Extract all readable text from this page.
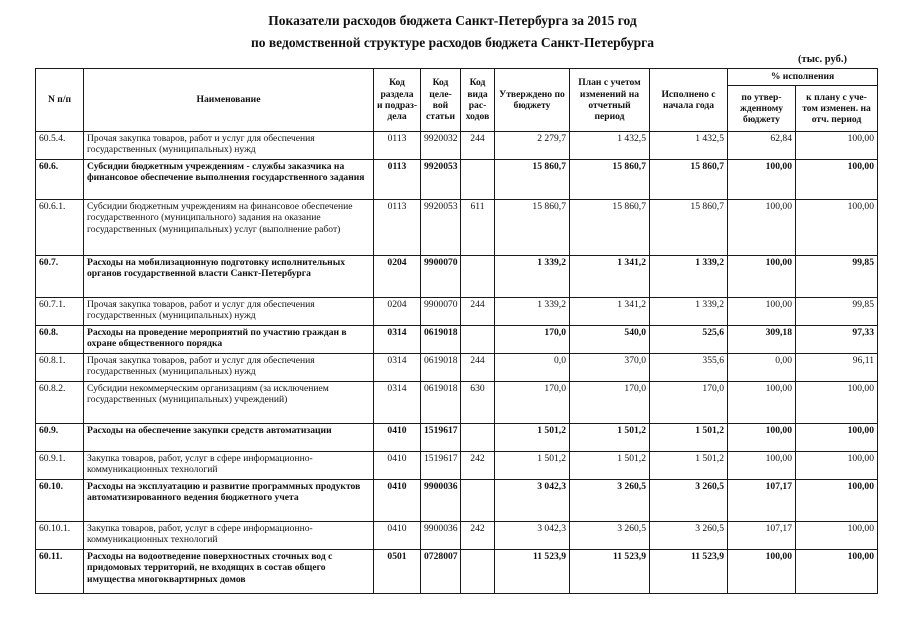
Показатели расходов бюджета Санкт-Петербурга за 2015 год
по ведомственной структуре расходов бюджета Санкт-Петербурга
(тыс. руб.)
N п/п	Наименование	Код раздела и подраз- дела	Код целе- вой статьи	Код вида рас- ходов	Утверждено по бюджету	План с учетом изменений на отчетный период	Исполнено с начала года	% исполнения	
								по утвер- жденному бюджету	к плану с уче- том изменен. на отч. период
60.5.4.	Прочая закупка товаров, работ и услуг для обеспечения государственных (муниципальных) нужд	0113	9920032	244	2 279,7	1 432,5	1 432,5	62,84	100,00
60.6.	Субсидии бюджетным учреждениям - службы заказчика на финансовое обеспечение выполнения государственного задания	0113	9920053		15 860,7	15 860,7	15 860,7	100,00	100,00
60.6.1.	Субсидии бюджетным учреждениям на финансовое обеспечение государственного (муниципального) задания на оказание государственных (муниципальных) услуг (выполнение работ)	0113	9920053	611	15 860,7	15 860,7	15 860,7	100,00	100,00
60.7.	Расходы на мобилизационную подготовку исполнительных органов государственной власти Санкт-Петербурга	0204	9900070		1 339,2	1 341,2	1 339,2	100,00	99,85
60.7.1.	Прочая закупка товаров, работ и услуг для обеспечения государственных (муниципальных) нужд	0204	9900070	244	1 339,2	1 341,2	1 339,2	100,00	99,85
60.8.	Расходы на проведение мероприятий по участию граждан в охране общественного порядка	0314	0619018		170,0	540,0	525,6	309,18	97,33
60.8.1.	Прочая закупка товаров, работ и услуг для обеспечения государственных (муниципальных) нужд	0314	0619018	244	0,0	370,0	355,6	0,00	96,11
60.8.2.	Субсидии некоммерческим организациям (за исключением государственных (муниципальных) учреждений)	0314	0619018	630	170,0	170,0	170,0	100,00	100,00
60.9.	Расходы на обеспечение закупки средств автоматизации	0410	1519617		1 501,2	1 501,2	1 501,2	100,00	100,00
60.9.1.	Закупка товаров, работ, услуг в сфере информационно-коммуникационных технологий	0410	1519617	242	1 501,2	1 501,2	1 501,2	100,00	100,00
60.10.	Расходы на эксплуатацию и развитие программных продуктов автоматизированного ведения бюджетного учета	0410	9900036		3 042,3	3 260,5	3 260,5	107,17	100,00
60.10.1.	Закупка товаров, работ, услуг в сфере информационно-коммуникационных технологий	0410	9900036	242	3 042,3	3 260,5	3 260,5	107,17	100,00
60.11.	Расходы на водоотведение поверхностных сточных вод с придомовых территорий, не входящих в состав общего имущества многоквартирных домов	0501	0728007		11 523,9	11 523,9	11 523,9	100,00	100,00
